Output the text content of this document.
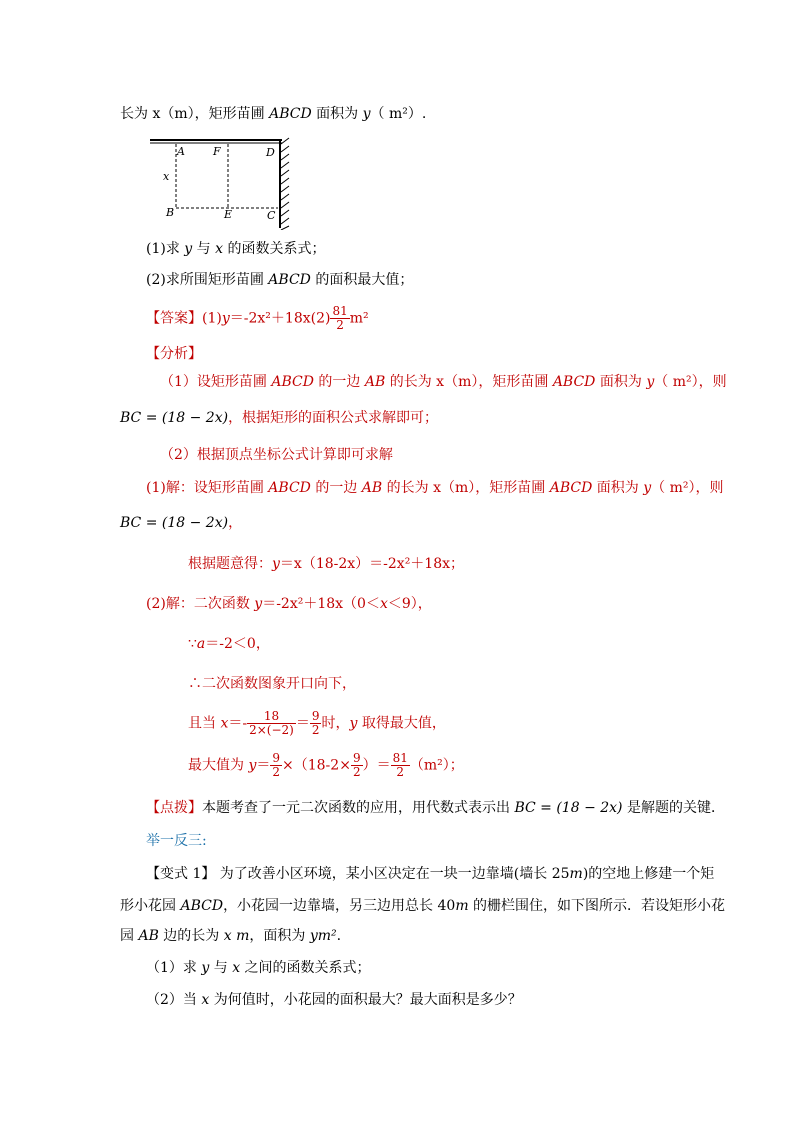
长为 x（m），矩形苗圃 ABCD 面积为 y（ m²）.
A	F	D
x
B	E	C
(1)求 y 与 x 的函数关系式；
(2)求所围矩形苗圃 ABCD 的面积最大值；
【答案】$(1)y=-2x^2+18x(2) \frac{81}{2} m^2$
【分析】
（1）设矩形苗圃 ABCD 的一边 AB 的长为 x（m），矩形苗圃 ABCD 面积为 y（ m²），则
BC = (18 − 2x)，根据矩形的面积公式求解即可；
（2）根据顶点坐标公式计算即可求解
(1)解：设矩形苗圃 ABCD 的一边 AB 的长为 x（m），矩形苗圃 ABCD 面积为 y（ m²），则
BC = (18 − 2x)，
根据题意得：y＝x（18-2x）＝-2x²＋18x；
(2)解：二次函数 y＝-2x²＋18x（0＜x＜9），
∵a＝-2＜0，
∴二次函数图象开口向下，
且当 $x=- \frac{18}{2\times(-2)} = \frac{9}{2}$ 时，y 取得最大值，
最大值为 $y= \frac{9}{2} \times(18-2\times \frac{9}{2}$ ）＝ $\frac{81}{2} (m^2)$；
【点拨】本题考查了一元二次函数的应用，用代数式表示出 BC = (18 − 2x) 是解题的关键．
举一反三:
【变式 1】 为了改善小区环境，某小区决定在一块一边靠墙(墙长 25m)的空地上修建一个矩
形小花园 ABCD，小花园一边靠墙，另三边用总长 40m 的栅栏围住，如下图所示．若设矩形小花
园 AB 边的长为 x m，面积为 ym².
（1）求 y 与 x 之间的函数关系式；
（2）当 x 为何值时，小花园的面积最大？最大面积是多少？
